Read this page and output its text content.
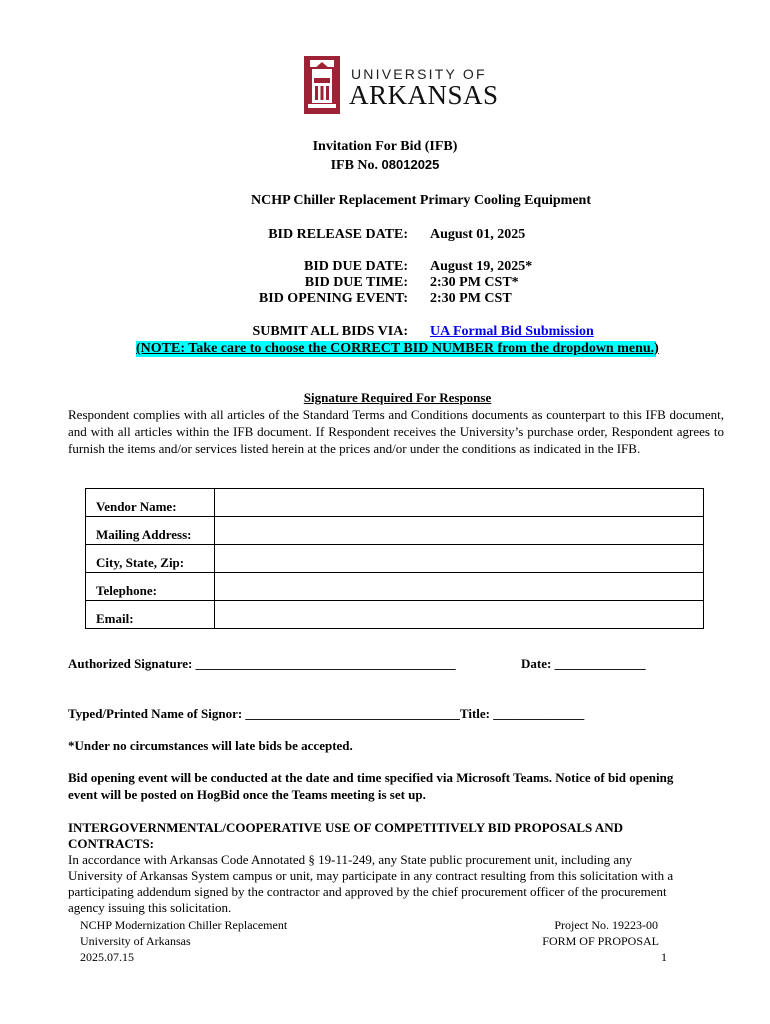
UNIVERSITY OF
ARKANSAS
Invitation For Bid (IFB)
IFB No. 08012025
NCHP Chiller Replacement Primary Cooling Equipment
BID RELEASE DATE: August 01, 2025
BID DUE DATE: August 19, 2025*
BID DUE TIME: 2:30 PM CST*
BID OPENING EVENT: 2:30 PM CST
SUBMIT ALL BIDS VIA: UA Formal Bid Submission
(NOTE: Take care to choose the CORRECT BID NUMBER from the dropdown menu.)
Signature Required For Response
Respondent complies with all articles of the Standard Terms and Conditions documents as counterpart to this IFB document, and with all articles within the IFB document. If Respondent receives the University’s purchase order, Respondent agrees to furnish the items and/or services listed herein at the prices and/or under the conditions as indicated in the IFB.
Vendor Name:	
Mailing Address:	
City, State, Zip:	
Telephone:	
Email:	
Authorized Signature: ________________________________________	Date: ______________
Typed/Printed Name of Signor: _________________________________Title: ______________
*Under no circumstances will late bids be accepted.
Bid opening event will be conducted at the date and time specified via Microsoft Teams. Notice of bid opening
event will be posted on HogBid once the Teams meeting is set up.
INTERGOVERNMENTAL/COOPERATIVE USE OF COMPETITIVELY BID PROPOSALS AND
CONTRACTS:
In accordance with Arkansas Code Annotated § 19-11-249, any State public procurement unit, including any
University of Arkansas System campus or unit, may participate in any contract resulting from this solicitation with a
participating addendum signed by the contractor and approved by the chief procurement officer of the procurement
agency issuing this solicitation.
NCHP Modernization Chiller Replacement
University of Arkansas
2025.07.15
Project No. 19223-00
FORM OF PROPOSAL
1
